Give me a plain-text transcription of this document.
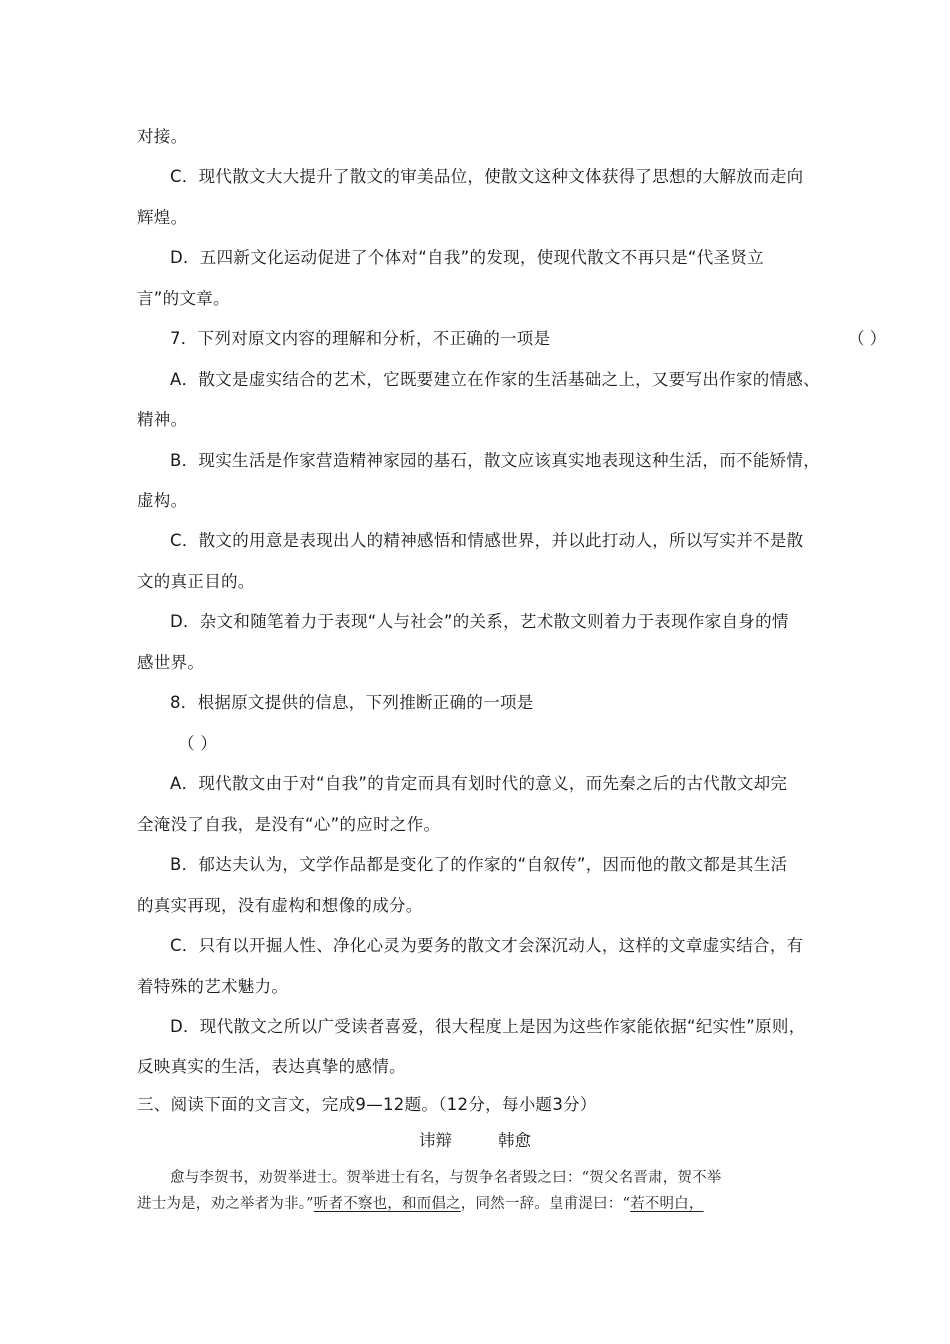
对接。
C．现代散文大大提升了散文的审美品位，使散文这种文体获得了思想的大解放而走向
辉煌。
D．五四新文化运动促进了个体对“自我”的发现，使现代散文不再只是“代圣贤立
言”的文章。
7．下列对原文内容的理解和分析，不正确的一项是	（ ）
A．散文是虚实结合的艺术，它既要建立在作家的生活基础之上，又要写出作家的情感、
精神。
B．现实生活是作家营造精神家园的基石，散文应该真实地表现这种生活，而不能矫情，
虚构。
C．散文的用意是表现出人的精神感悟和情感世界，并以此打动人，所以写实并不是散
文的真正目的。
D．杂文和随笔着力于表现“人与社会”的关系，艺术散文则着力于表现作家自身的情
感世界。
8．根据原文提供的信息，下列推断正确的一项是
（ ）
A．现代散文由于对“自我”的肯定而具有划时代的意义，而先秦之后的古代散文却完
全淹没了自我，是没有“心”的应时之作。
B．郁达夫认为，文学作品都是变化了的作家的“自叙传”，因而他的散文都是其生活
的真实再现，没有虚构和想像的成分。
C．只有以开掘人性、净化心灵为要务的散文才会深沉动人，这样的文章虚实结合，有
着特殊的艺术魅力。
D．现代散文之所以广受读者喜爱，很大程度上是因为这些作家能依据“纪实性”原则，
反映真实的生活，表达真挚的感情。
三、阅读下面的文言文，完成9—12题。（12分，每小题3分）
讳辩	韩愈
愈与李贺书，劝贺举进士。贺举进士有名，与贺争名者毁之曰：“贺父名晋肃，贺不举
进士为是，劝之举者为非。”听者不察也，和而倡之，同然一辞。皇甫湜曰：“若不明白，
